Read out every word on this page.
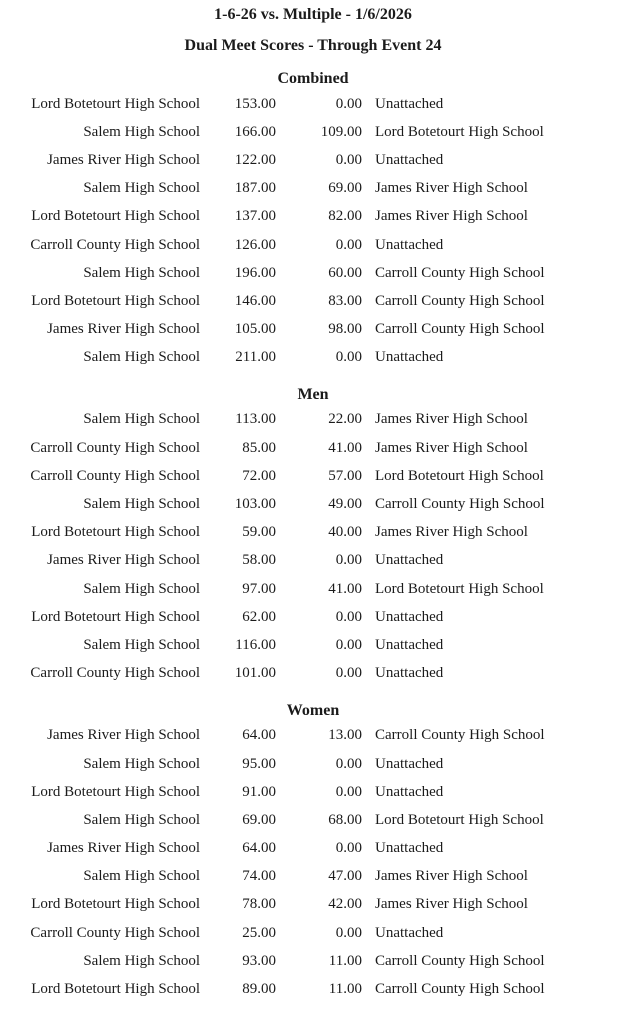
1-6-26 vs. Multiple - 1/6/2026
Dual Meet Scores - Through Event 24
Combined
Lord Botetourt High School	153.00	0.00 Unattached
Salem High School	166.00	109.00 Lord Botetourt High School
James River High School	122.00	0.00 Unattached
Salem High School	187.00	69.00 James River High School
Lord Botetourt High School	137.00	82.00 James River High School
Carroll County High School	126.00	0.00 Unattached
Salem High School	196.00	60.00 Carroll County High School
Lord Botetourt High School	146.00	83.00 Carroll County High School
James River High School	105.00	98.00 Carroll County High School
Salem High School	211.00	0.00 Unattached
Men
Salem High School	113.00	22.00 James River High School
Carroll County High School	85.00	41.00 James River High School
Carroll County High School	72.00	57.00 Lord Botetourt High School
Salem High School	103.00	49.00 Carroll County High School
Lord Botetourt High School	59.00	40.00 James River High School
James River High School	58.00	0.00 Unattached
Salem High School	97.00	41.00 Lord Botetourt High School
Lord Botetourt High School	62.00	0.00 Unattached
Salem High School	116.00	0.00 Unattached
Carroll County High School	101.00	0.00 Unattached
Women
James River High School	64.00	13.00 Carroll County High School
Salem High School	95.00	0.00 Unattached
Lord Botetourt High School	91.00	0.00 Unattached
Salem High School	69.00	68.00 Lord Botetourt High School
James River High School	64.00	0.00 Unattached
Salem High School	74.00	47.00 James River High School
Lord Botetourt High School	78.00	42.00 James River High School
Carroll County High School	25.00	0.00 Unattached
Salem High School	93.00	11.00 Carroll County High School
Lord Botetourt High School	89.00	11.00 Carroll County High School
